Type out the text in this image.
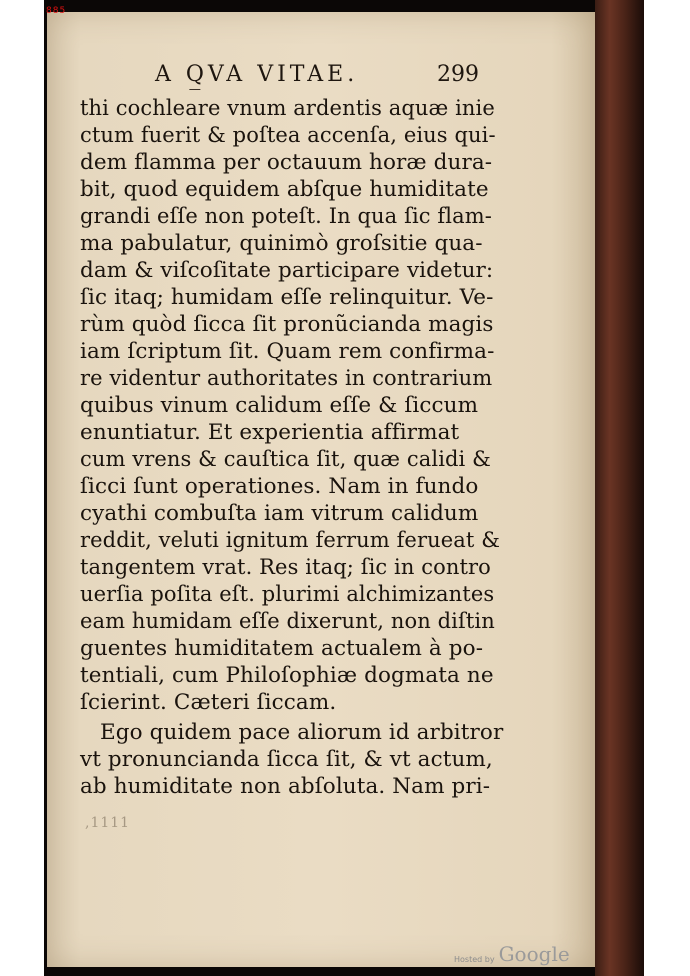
885
A Q̲VA VITAE.	299
thi cochleare vnum ardentis aquæ inie
ctum fuerit & poſtea accenſa, eius qui-
dem flamma per octauum horæ dura-
bit, quod equidem abſque humiditate
grandi eſſe non poteſt. In qua ſic flam-
ma pabulatur, quinimò groſsitie qua-
dam & viſcoſitate participare videtur:
ſic itaq; humidam eſſe relinquitur. Ve-
rùm quòd ſicca ſit pronũcianda magis
iam ſcriptum ſit. Quam rem confirma-
re videntur authoritates in contrarium
quibus vinum calidum eſſe & ſiccum
enuntiatur. Et experientia affirmat
cum vrens & cauſtica ſit, quæ calidi &
ſicci ſunt operationes. Nam in fundo
cyathi combuſta iam vitrum calidum
reddit, veluti ignitum ferrum ferueat &
tangentem vrat. Res itaq; ſic in contro
uerſia poſita eſt. plurimi alchimizantes
eam humidam eſſe dixerunt, non diſtin
guentes humiditatem actualem à po-
tentiali, cum Philoſophiæ dogmata ne
ſcierint. Cæteri ſiccam.
Ego quidem pace aliorum id arbitror
vt pronuncianda ſicca ſit, & vt actum,
ab humiditate non abſoluta. Nam pri-
,1111
Hosted by Google
